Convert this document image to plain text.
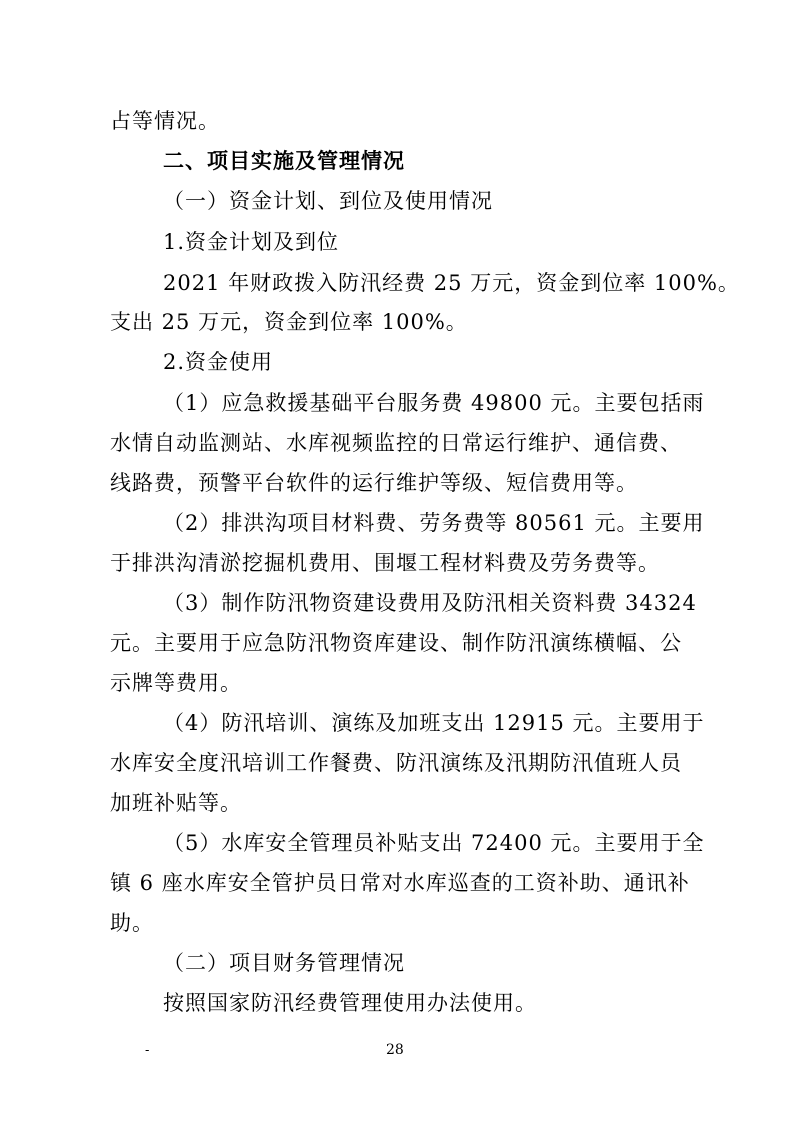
占等情况。
二、项目实施及管理情况
（一）资金计划、到位及使用情况
1.资金计划及到位
2021 年财政拨入防汛经费 25 万元，资金到位率 100%。
支出 25 万元，资金到位率 100%。
2.资金使用
（1）应急救援基础平台服务费 49800 元。主要包括雨
水情自动监测站、水库视频监控的日常运行维护、通信费、
线路费，预警平台软件的运行维护等级、短信费用等。
（2）排洪沟项目材料费、劳务费等 80561 元。主要用
于排洪沟清淤挖掘机费用、围堰工程材料费及劳务费等。
（3）制作防汛物资建设费用及防汛相关资料费 34324
元。主要用于应急防汛物资库建设、制作防汛演练横幅、公
示牌等费用。
（4）防汛培训、演练及加班支出 12915 元。主要用于
水库安全度汛培训工作餐费、防汛演练及汛期防汛值班人员
加班补贴等。
（5）水库安全管理员补贴支出 72400 元。主要用于全
镇 6 座水库安全管护员日常对水库巡查的工资补助、通讯补
助。
（二）项目财务管理情况
按照国家防汛经费管理使用办法使用。
-	28
